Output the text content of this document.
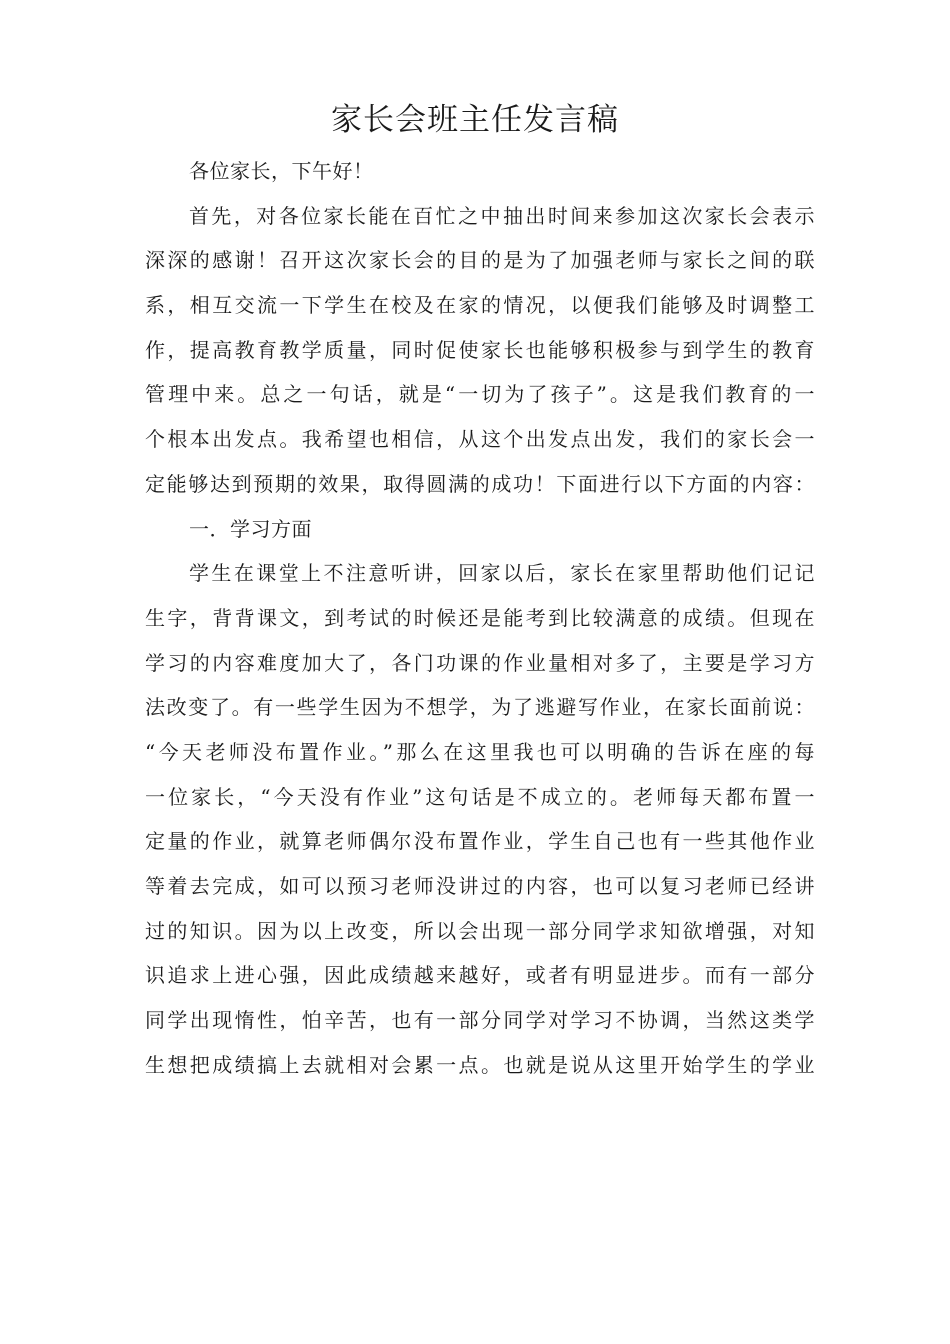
家长会班主任发言稿
各位家长，下午好！
首先，对各位家长能在百忙之中抽出时间来参加这次家长会表示
深深的感谢！召开这次家长会的目的是为了加强老师与家长之间的联
系，相互交流一下学生在校及在家的情况，以便我们能够及时调整工
作，提高教育教学质量，同时促使家长也能够积极参与到学生的教育
管理中来。总之一句话，就是“一切为了孩子”。这是我们教育的一
个根本出发点。我希望也相信，从这个出发点出发，我们的家长会一
定能够达到预期的效果，取得圆满的成功！下面进行以下方面的内容：
一．学习方面
学生在课堂上不注意听讲，回家以后，家长在家里帮助他们记记
生字，背背课文，到考试的时候还是能考到比较满意的成绩。但现在
学习的内容难度加大了，各门功课的作业量相对多了，主要是学习方
法改变了。有一些学生因为不想学，为了逃避写作业，在家长面前说：
“今天老师没布置作业。”那么在这里我也可以明确的告诉在座的每
一位家长，“今天没有作业”这句话是不成立的。老师每天都布置一
定量的作业，就算老师偶尔没布置作业，学生自己也有一些其他作业
等着去完成，如可以预习老师没讲过的内容，也可以复习老师已经讲
过的知识。因为以上改变，所以会出现一部分同学求知欲增强，对知
识追求上进心强，因此成绩越来越好，或者有明显进步。而有一部分
同学出现惰性，怕辛苦，也有一部分同学对学习不协调，当然这类学
生想把成绩搞上去就相对会累一点。也就是说从这里开始学生的学业
